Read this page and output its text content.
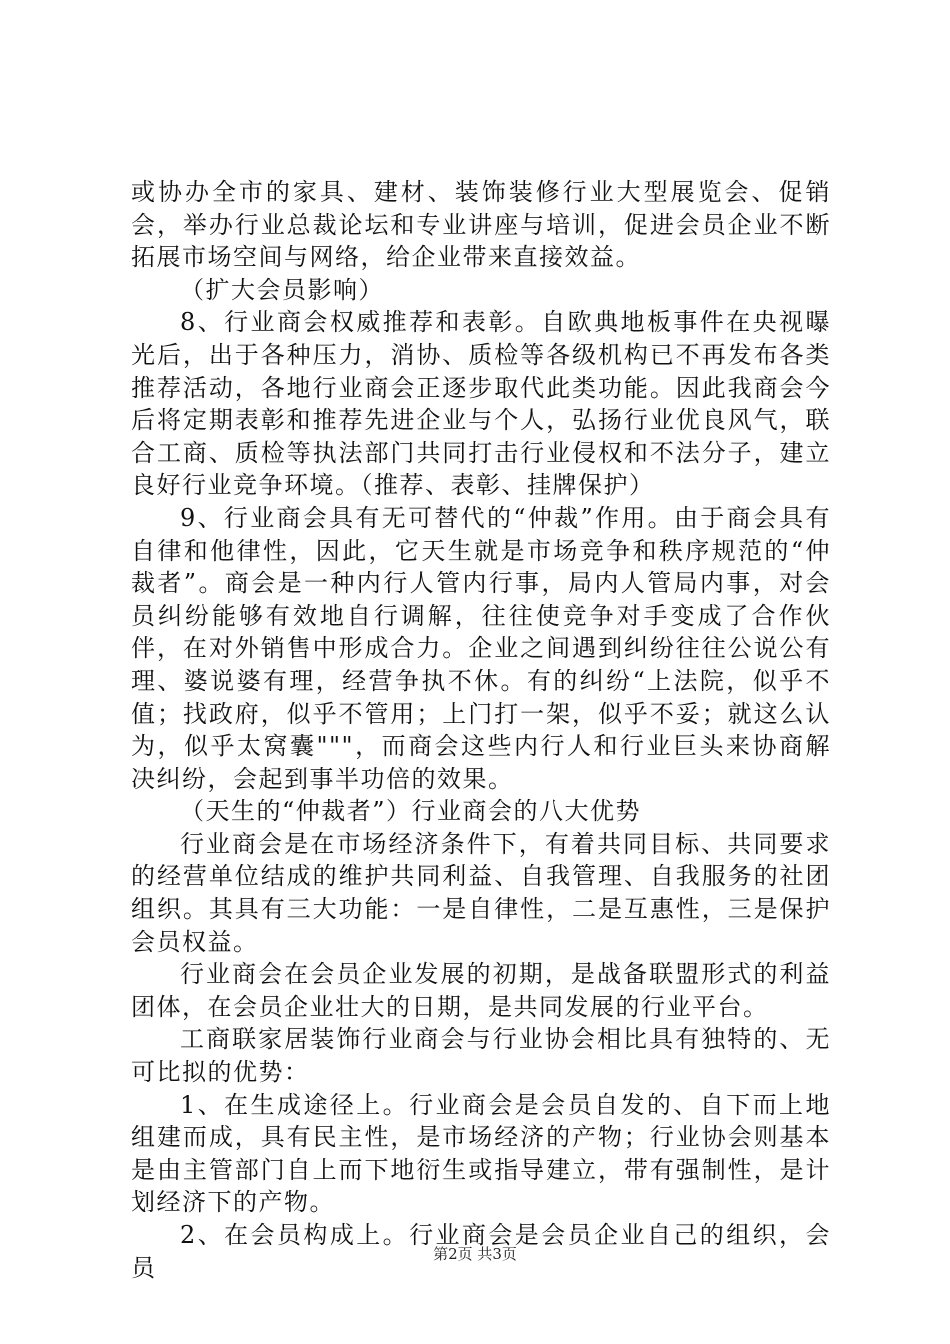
或协办全市的家具、建材、装饰装修行业大型展览会、促销会，举办行业总裁论坛和专业讲座与培训，促进会员企业不断拓展市场空间与网络，给企业带来直接效益。

（扩大会员影响）

8、行业商会权威推荐和表彰。自欧典地板事件在央视曝光后，出于各种压力，消协、质检等各级机构已不再发布各类推荐活动，各地行业商会正逐步取代此类功能。因此我商会今后将定期表彰和推荐先进企业与个人，弘扬行业优良风气，联合工商、质检等执法部门共同打击行业侵权和不法分子，建立良好行业竞争环境。（推荐、表彰、挂牌保护）

9、行业商会具有无可替代的“仲裁”作用。由于商会具有自律和他律性，因此，它天生就是市场竞争和秩序规范的“仲裁者”。商会是一种内行人管内行事，局内人管局内事，对会员纠纷能够有效地自行调解，往往使竞争对手变成了合作伙伴，在对外销售中形成合力。企业之间遇到纠纷往往公说公有理、婆说婆有理，经营争执不休。有的纠纷“上法院，似乎不值；找政府，似乎不管用；上门打一架，似乎不妥；就这么认为，似乎太窝囊"""，而商会这些内行人和行业巨头来协商解决纠纷，会起到事半功倍的效果。

（天生的“仲裁者”）行业商会的八大优势

行业商会是在市场经济条件下，有着共同目标、共同要求的经营单位结成的维护共同利益、自我管理、自我服务的社团组织。其具有三大功能：一是自律性，二是互惠性，三是保护会员权益。

行业商会在会员企业发展的初期，是战备联盟形式的利益团体，在会员企业壮大的日期，是共同发展的行业平台。

工商联家居装饰行业商会与行业协会相比具有独特的、无可比拟的优势：

1、在生成途径上。行业商会是会员自发的、自下而上地组建而成，具有民主性，是市场经济的产物；行业协会则基本是由主管部门自上而下地衍生或指导建立，带有强制性，是计划经济下的产物。

2、在会员构成上。行业商会是会员企业自己的组织，会员	第2页 共3页
